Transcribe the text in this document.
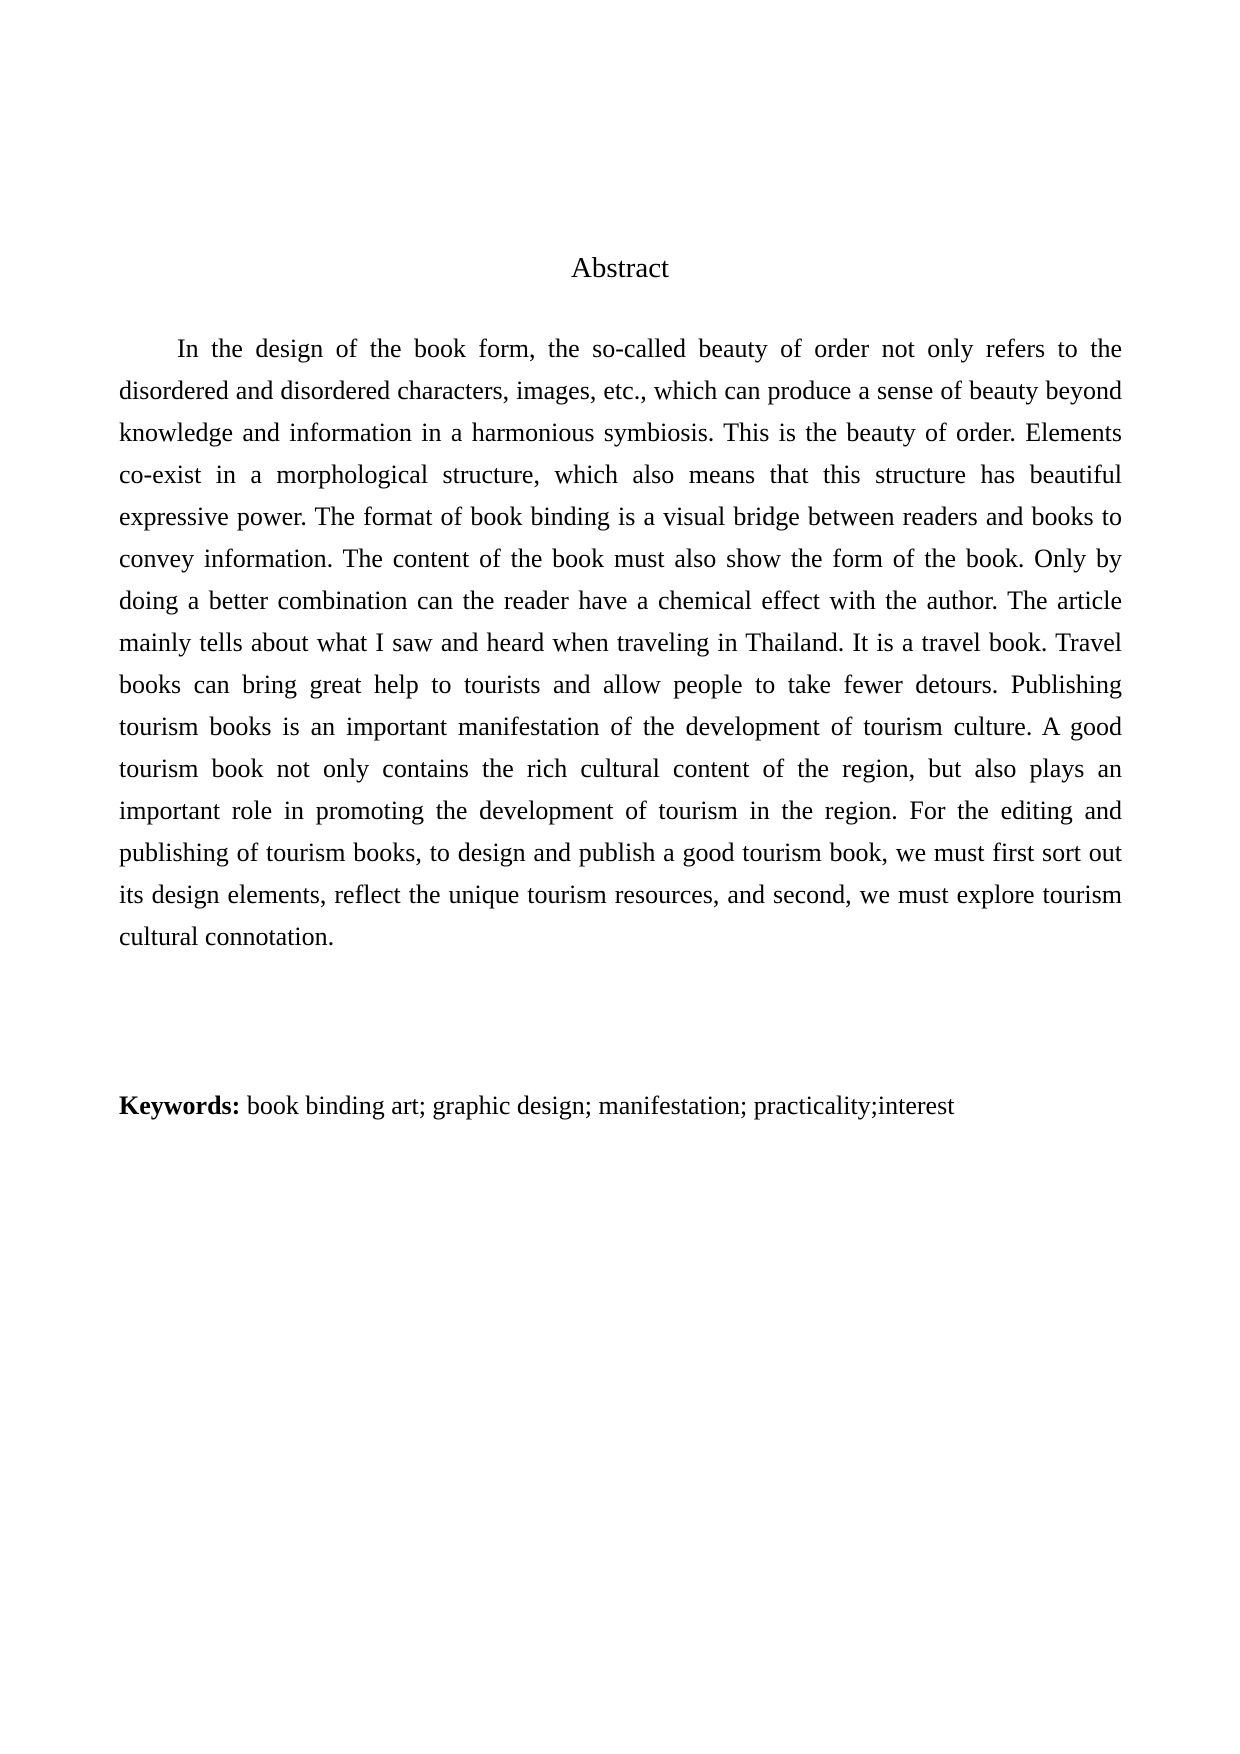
Abstract

In the design of the book form, the so-called beauty of order not only refers to the disordered and disordered characters, images, etc., which can produce a sense of beauty beyond knowledge and information in a harmonious symbiosis. This is the beauty of order. Elements co-exist in a morphological structure, which also means that this structure has beautiful expressive power. The format of book binding is a visual bridge between readers and books to convey information. The content of the book must also show the form of the book. Only by doing a better combination can the reader have a chemical effect with the author. The article mainly tells about what I saw and heard when traveling in Thailand. It is a travel book. Travel books can bring great help to tourists and allow people to take fewer detours. Publishing tourism books is an important manifestation of the development of tourism culture. A good tourism book not only contains the rich cultural content of the region, but also plays an important role in promoting the development of tourism in the region. For the editing and publishing of tourism books, to design and publish a good tourism book, we must first sort out its design elements, reflect the unique tourism resources, and second, we must explore tourism cultural connotation.

Keywords: book binding art; graphic design; manifestation; practicality;interest
